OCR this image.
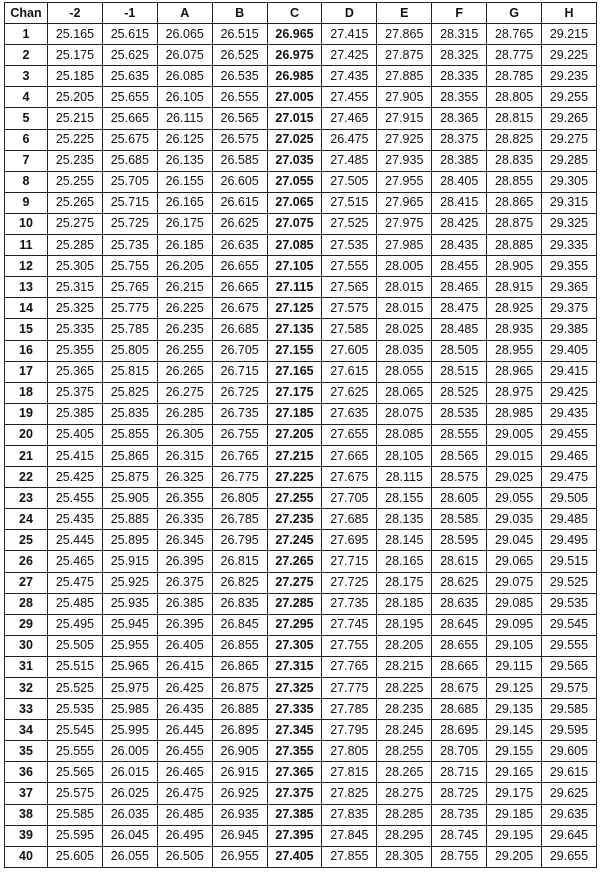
Chan	-2	-1	A	B	C	D	E	F	G	H
1	25.165	25.615	26.065	26.515	26.965	27.415	27.865	28.315	28.765	29.215
2	25.175	25.625	26.075	26.525	26.975	27.425	27.875	28.325	28.775	29.225
3	25.185	25.635	26.085	26.535	26.985	27.435	27.885	28.335	28.785	29.235
4	25.205	25.655	26.105	26.555	27.005	27.455	27.905	28.355	28.805	29.255
5	25.215	25.665	26.115	26.565	27.015	27.465	27.915	28.365	28.815	29.265
6	25.225	25.675	26.125	26.575	27.025	26.475	27.925	28.375	28.825	29.275
7	25.235	25.685	26.135	26.585	27.035	27.485	27.935	28.385	28.835	29.285
8	25.255	25.705	26.155	26.605	27.055	27.505	27.955	28.405	28.855	29.305
9	25.265	25.715	26.165	26.615	27.065	27.515	27.965	28.415	28.865	29.315
10	25.275	25.725	26.175	26.625	27.075	27.525	27.975	28.425	28.875	29.325
11	25.285	25.735	26.185	26.635	27.085	27.535	27.985	28.435	28.885	29.335
12	25.305	25.755	26.205	26.655	27.105	27.555	28.005	28.455	28.905	29.355
13	25.315	25.765	26.215	26.665	27.115	27.565	28.015	28.465	28.915	29.365
14	25.325	25.775	26.225	26.675	27.125	27.575	28.015	28.475	28.925	29.375
15	25.335	25.785	26.235	26.685	27.135	27.585	28.025	28.485	28.935	29.385
16	25.355	25.805	26.255	26.705	27.155	27.605	28.035	28.505	28.955	29.405
17	25.365	25.815	26.265	26.715	27.165	27.615	28.055	28.515	28.965	29.415
18	25.375	25.825	26.275	26.725	27.175	27.625	28.065	28.525	28.975	29.425
19	25.385	25.835	26.285	26.735	27.185	27.635	28.075	28.535	28.985	29.435
20	25.405	25.855	26.305	26.755	27.205	27.655	28.085	28.555	29.005	29.455
21	25.415	25.865	26.315	26.765	27.215	27.665	28.105	28.565	29.015	29.465
22	25.425	25.875	26.325	26.775	27.225	27.675	28.115	28.575	29.025	29.475
23	25.455	25.905	26.355	26.805	27.255	27.705	28.155	28.605	29.055	29.505
24	25.435	25.885	26.335	26.785	27.235	27.685	28.135	28.585	29.035	29.485
25	25.445	25.895	26.345	26.795	27.245	27.695	28.145	28.595	29.045	29.495
26	25.465	25.915	26.395	26.815	27.265	27.715	28.165	28.615	29.065	29.515
27	25.475	25.925	26.375	26.825	27.275	27.725	28.175	28.625	29.075	29.525
28	25.485	25.935	26.385	26.835	27.285	27.735	28.185	28.635	29.085	29.535
29	25.495	25.945	26.395	26.845	27.295	27.745	28.195	28.645	29.095	29.545
30	25.505	25.955	26.405	26.855	27.305	27.755	28.205	28.655	29.105	29.555
31	25.515	25.965	26.415	26.865	27.315	27.765	28.215	28.665	29.115	29.565
32	25.525	25.975	26.425	26.875	27.325	27.775	28.225	28.675	29.125	29.575
33	25.535	25.985	26.435	26.885	27.335	27.785	28.235	28.685	29.135	29.585
34	25.545	25.995	26.445	26.895	27.345	27.795	28.245	28.695	29.145	29.595
35	25.555	26.005	26.455	26.905	27.355	27.805	28.255	28.705	29.155	29.605
36	25.565	26.015	26.465	26.915	27.365	27.815	28.265	28.715	29.165	29.615
37	25.575	26.025	26.475	26.925	27.375	27.825	28.275	28.725	29.175	29.625
38	25.585	26.035	26.485	26.935	27.385	27.835	28.285	28.735	29.185	29.635
39	25.595	26.045	26.495	26.945	27.395	27.845	28.295	28.745	29.195	29.645
40	25.605	26.055	26.505	26.955	27.405	27.855	28.305	28.755	29.205	29.655
